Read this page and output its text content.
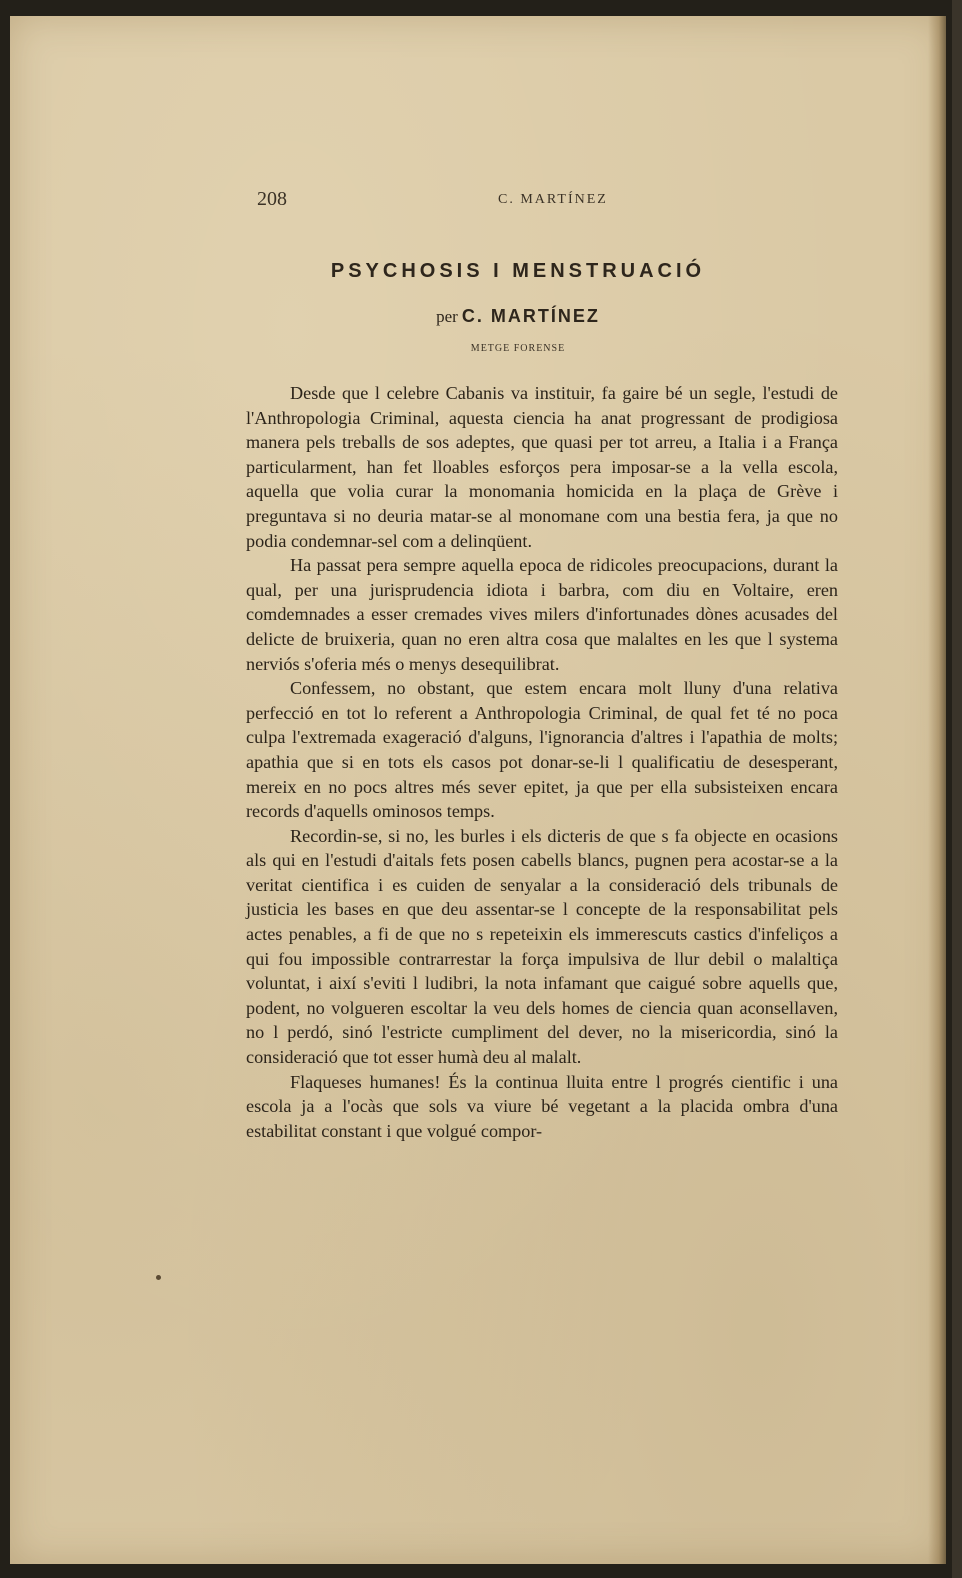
208	C. MARTÍNEZ
PSYCHOSIS I MENSTRUACIÓ
per C. MARTÍNEZ
METGE FORENSE

Desde que l celebre Cabanis va instituir, fa gaire bé un segle, l'estudi de l'Anthropologia Criminal, aquesta ciencia ha anat progressant de prodigiosa manera pels treballs de sos adeptes, que quasi per tot arreu, a Italia i a França particularment, han fet lloables esforços pera imposar-se a la vella escola, aquella que volia curar la monomania homicida en la plaça de Grève i preguntava si no deuria matar-se al monomane com una bestia fera, ja que no podia condemnar-sel com a delinqüent.

Ha passat pera sempre aquella epoca de ridicoles preocupacions, durant la qual, per una jurisprudencia idiota i barbra, com diu en Voltaire, eren comdemnades a esser cremades vives milers d'infortunades dònes acusades del delicte de bruixeria, quan no eren altra cosa que malaltes en les que l systema nerviós s'oferia més o menys desequilibrat.

Confessem, no obstant, que estem encara molt lluny d'una relativa perfecció en tot lo referent a Anthropologia Criminal, de qual fet té no poca culpa l'extremada exageració d'alguns, l'ignorancia d'altres i l'apathia de molts; apathia que si en tots els casos pot donar-se-li l qualificatiu de desesperant, mereix en no pocs altres més sever epitet, ja que per ella subsisteixen encara records d'aquells ominosos temps.

Recordin-se, si no, les burles i els dicteris de que s fa objecte en ocasions als qui en l'estudi d'aitals fets posen cabells blancs, pugnen pera acostar-se a la veritat cientifica i es cuiden de senyalar a la consideració dels tribunals de justicia les bases en que deu assentar-se l concepte de la responsabilitat pels actes penables, a fi de que no s repeteixin els immerescuts castics d'infeliços a qui fou impossible contrarrestar la força impulsiva de llur debil o malaltiça voluntat, i així s'eviti l ludibri, la nota infamant que caigué sobre aquells que, podent, no volgueren escoltar la veu dels homes de ciencia quan aconsellaven, no l perdó, sinó l'estricte cumpliment del dever, no la misericordia, sinó la consideració que tot esser humà deu al malalt.

Flaqueses humanes! És la continua lluita entre l progrés cientific i una escola ja a l'ocàs que sols va viure bé vegetant a la placida ombra d'una estabilitat constant i que volgué compor-
